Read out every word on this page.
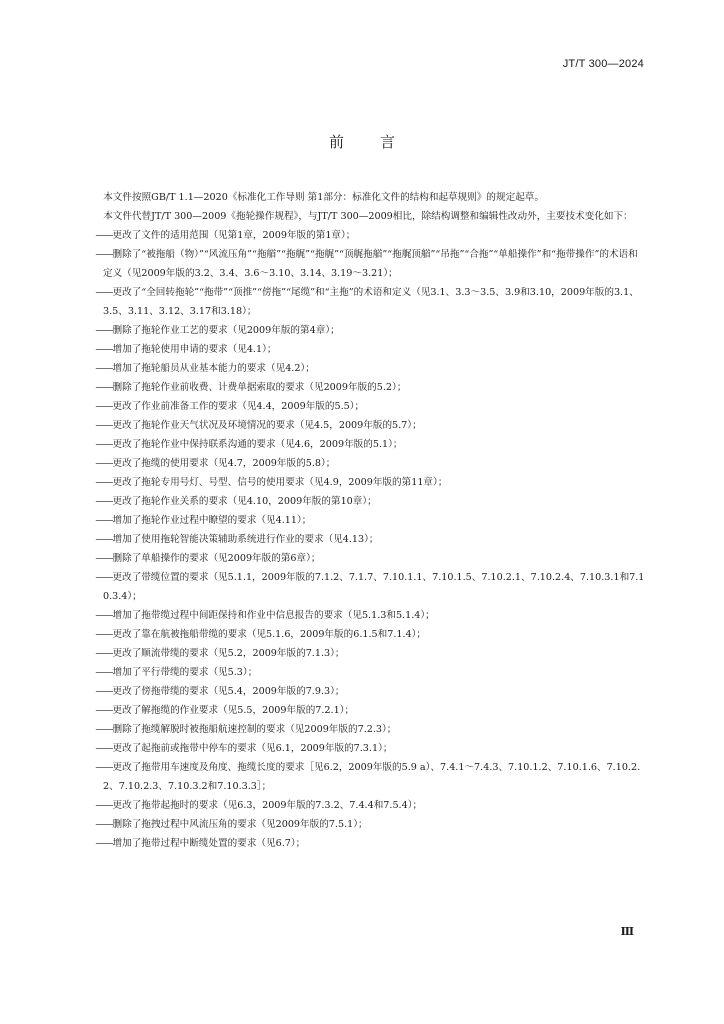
JT/T 300—2024
前言

本文件按照GB/T 1.1—2020《标准化工作导则 第1部分：标准化文件的结构和起草规则》的规定起草。

本文件代替JT/T 300—2009《拖轮操作规程》，与JT/T 300—2009相比，除结构调整和编辑性改动外，主要技术变化如下：

——更改了文件的适用范围（见第1章，2009年版的第1章）；

——删除了“被拖船（物）”“风流压角”“拖艏”“拖艉”“拖艉”“顶艉拖艏”“拖艉顶艏”“吊拖”“合拖”“单船操作”和“拖带操作”的术语和定义（见2009年版的3.2、3.4、3.6～3.10、3.14、3.19～3.21）；

——更改了“全回转拖轮”“拖带”“顶推”“傍拖”“尾缆”和“主拖”的术语和定义（见3.1、3.3～3.5、3.9和3.10，2009年版的3.1、3.5、3.11、3.12、3.17和3.18）；

——删除了拖轮作业工艺的要求（见2009年版的第4章）；

——增加了拖轮使用申请的要求（见4.1）；

——增加了拖轮船员从业基本能力的要求（见4.2）；

——删除了拖轮作业前收费、计费单据索取的要求（见2009年版的5.2）；

——更改了作业前准备工作的要求（见4.4，2009年版的5.5）；

——更改了拖轮作业天气状况及环境情况的要求（见4.5，2009年版的5.7）；

——更改了拖轮作业中保持联系沟通的要求（见4.6，2009年版的5.1）；

——更改了拖缆的使用要求（见4.7，2009年版的5.8）；

——更改了拖轮专用号灯、号型、信号的使用要求（见4.9，2009年版的第11章）；

——更改了拖轮作业关系的要求（见4.10，2009年版的第10章）；

——增加了拖轮作业过程中瞭望的要求（见4.11）；

——增加了使用拖轮智能决策辅助系统进行作业的要求（见4.13）；

——删除了单船操作的要求（见2009年版的第6章）；

——更改了带缆位置的要求（见5.1.1，2009年版的7.1.2、7.1.7、7.10.1.1、7.10.1.5、7.10.2.1、7.10.2.4、7.10.3.1和7.10.3.4）；

——增加了拖带缆过程中间距保持和作业中信息报告的要求（见5.1.3和5.1.4）；

——更改了靠在航被拖船带缆的要求（见5.1.6，2009年版的6.1.5和7.1.4）；

——更改了顺流带缆的要求（见5.2，2009年版的7.1.3）；

——增加了平行带缆的要求（见5.3）；

——更改了傍拖带缆的要求（见5.4，2009年版的7.9.3）；

——更改了解拖缆的作业要求（见5.5，2009年版的7.2.1）；

——删除了拖缆解脱时被拖船航速控制的要求（见2009年版的7.2.3）；

——更改了起拖前或拖带中停车的要求（见6.1，2009年版的7.3.1）；

——更改了拖带用车速度及角度、拖缆长度的要求［见6.2，2009年版的5.9 a）、7.4.1～7.4.3、7.10.1.2、7.10.1.6、7.10.2.2、7.10.2.3、7.10.3.2和7.10.3.3］；

——更改了拖带起拖时的要求（见6.3，2009年版的7.3.2、7.4.4和7.5.4）；

——删除了拖拽过程中风流压角的要求（见2009年版的7.5.1）；

——增加了拖带过程中断缆处置的要求（见6.7）；

Ⅲ
